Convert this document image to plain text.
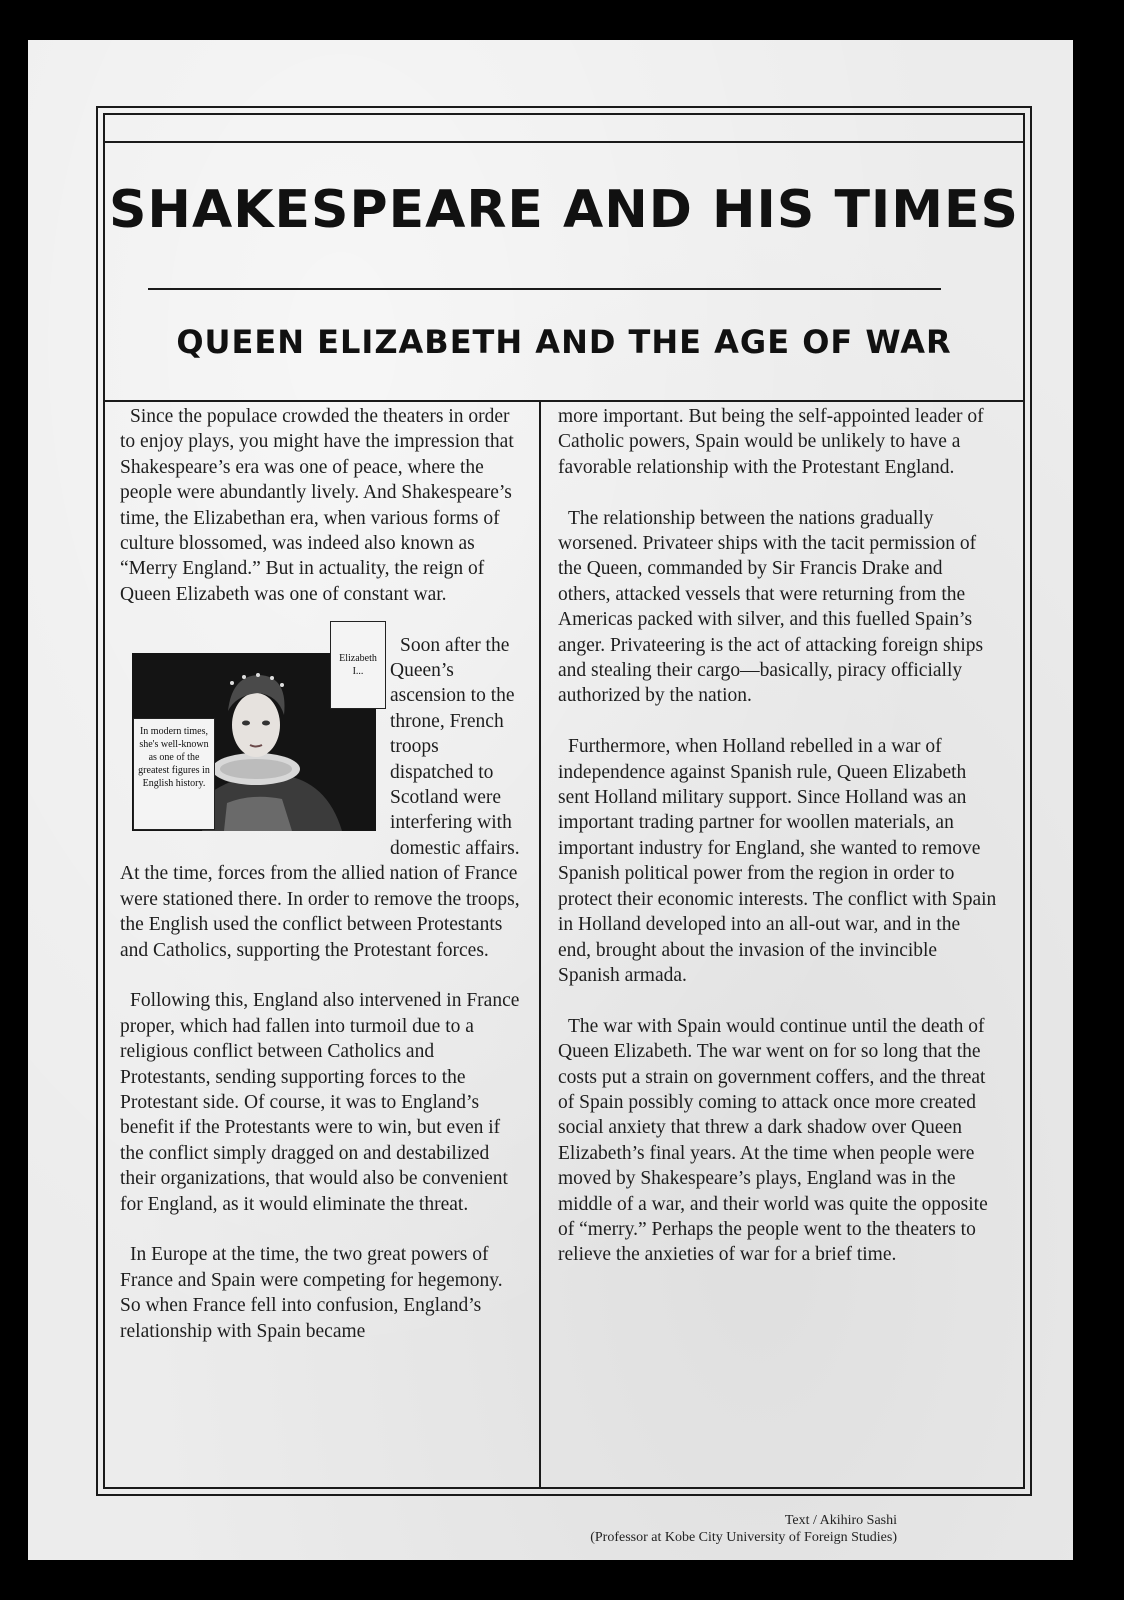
SHAKESPEARE AND HIS TIMES
QUEEN ELIZABETH AND THE AGE OF WAR

Since the populace crowded the theaters in order to enjoy plays, you might have the impression that Shakespeare’s era was one of peace, where the people were abundantly lively. And Shakespeare’s time, the Elizabethan era, when various forms of culture blossomed, was indeed also known as “Merry England.” But in actuality, the reign of Queen Elizabeth was one of constant war.

Elizabeth I...
In modern times, she's well-known as one of the greatest figures in English history.

Soon after the Queen’s ascension to the throne, French troops dispatched to Scotland were interfering with domestic affairs. At the time, forces from the allied nation of France were stationed there. In order to remove the troops, the English used the conflict between Protestants and Catholics, supporting the Protestant forces.

Following this, England also intervened in France proper, which had fallen into turmoil due to a religious conflict between Catholics and Protestants, sending supporting forces to the Protestant side. Of course, it was to England’s benefit if the Protestants were to win, but even if the conflict simply dragged on and destabilized their organizations, that would also be convenient for England, as it would eliminate the threat.

In Europe at the time, the two great powers of France and Spain were competing for hegemony. So when France fell into confusion, England’s relationship with Spain became

more important. But being the self-appointed leader of Catholic powers, Spain would be unlikely to have a favorable relationship with the Protestant England.

The relationship between the nations gradually worsened. Privateer ships with the tacit permission of the Queen, commanded by Sir Francis Drake and others, attacked vessels that were returning from the Americas packed with silver, and this fuelled Spain’s anger. Privateering is the act of attacking foreign ships and stealing their cargo—basically, piracy officially authorized by the nation.

Furthermore, when Holland rebelled in a war of independence against Spanish rule, Queen Elizabeth sent Holland military support. Since Holland was an important trading partner for woollen materials, an important industry for England, she wanted to remove Spanish political power from the region in order to protect their economic interests. The conflict with Spain in Holland developed into an all-out war, and in the end, brought about the invasion of the invincible Spanish armada.

The war with Spain would continue until the death of Queen Elizabeth. The war went on for so long that the costs put a strain on government coffers, and the threat of Spain possibly coming to attack once more created social anxiety that threw a dark shadow over Queen Elizabeth’s final years. At the time when people were moved by Shakespeare’s plays, England was in the middle of a war, and their world was quite the opposite of “merry.” Perhaps the people went to the theaters to relieve the anxieties of war for a brief time.

Text / Akihiro Sashi
(Professor at Kobe City University of Foreign Studies)
